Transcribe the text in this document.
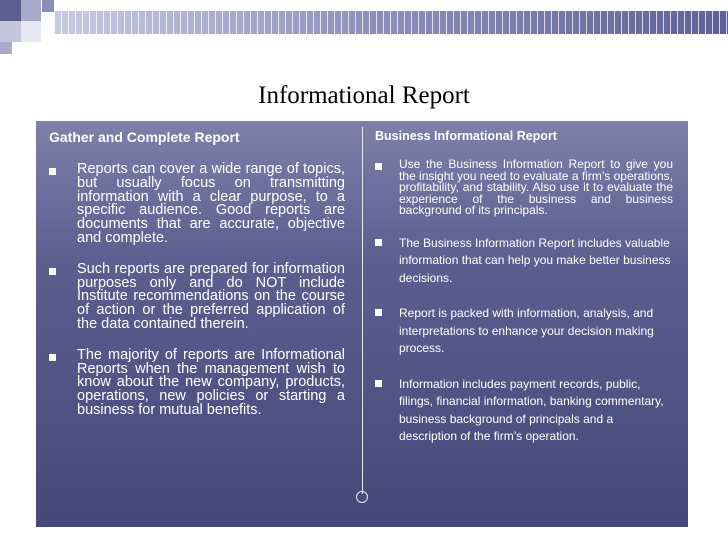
Informational Report
Gather and Complete Report
Reports can cover a wide range of topics, but usually focus on transmitting information with a clear purpose, to a specific audience. Good reports are documents that are accurate, objective and complete.
Such reports are prepared for information purposes only and do NOT include Institute recommendations on the course of action or the preferred application of the data contained therein.
The majority of reports are Informational Reports when the management wish to know about the new company, products, operations, new policies or starting a business for mutual benefits.
Business Informational Report
Use the Business Information Report to give you the insight you need to evaluate a firm’s operations, profitability, and stability. Also use it to evaluate the experience of the business and business background of its principals.
The Business Information Report includes valuable information that can help you make better business decisions.
Report is packed with information, analysis, and interpretations to enhance your decision making process.
Information includes payment records, public, filings, financial information, banking commentary, business background of principals and a description of the firm’s operation.
